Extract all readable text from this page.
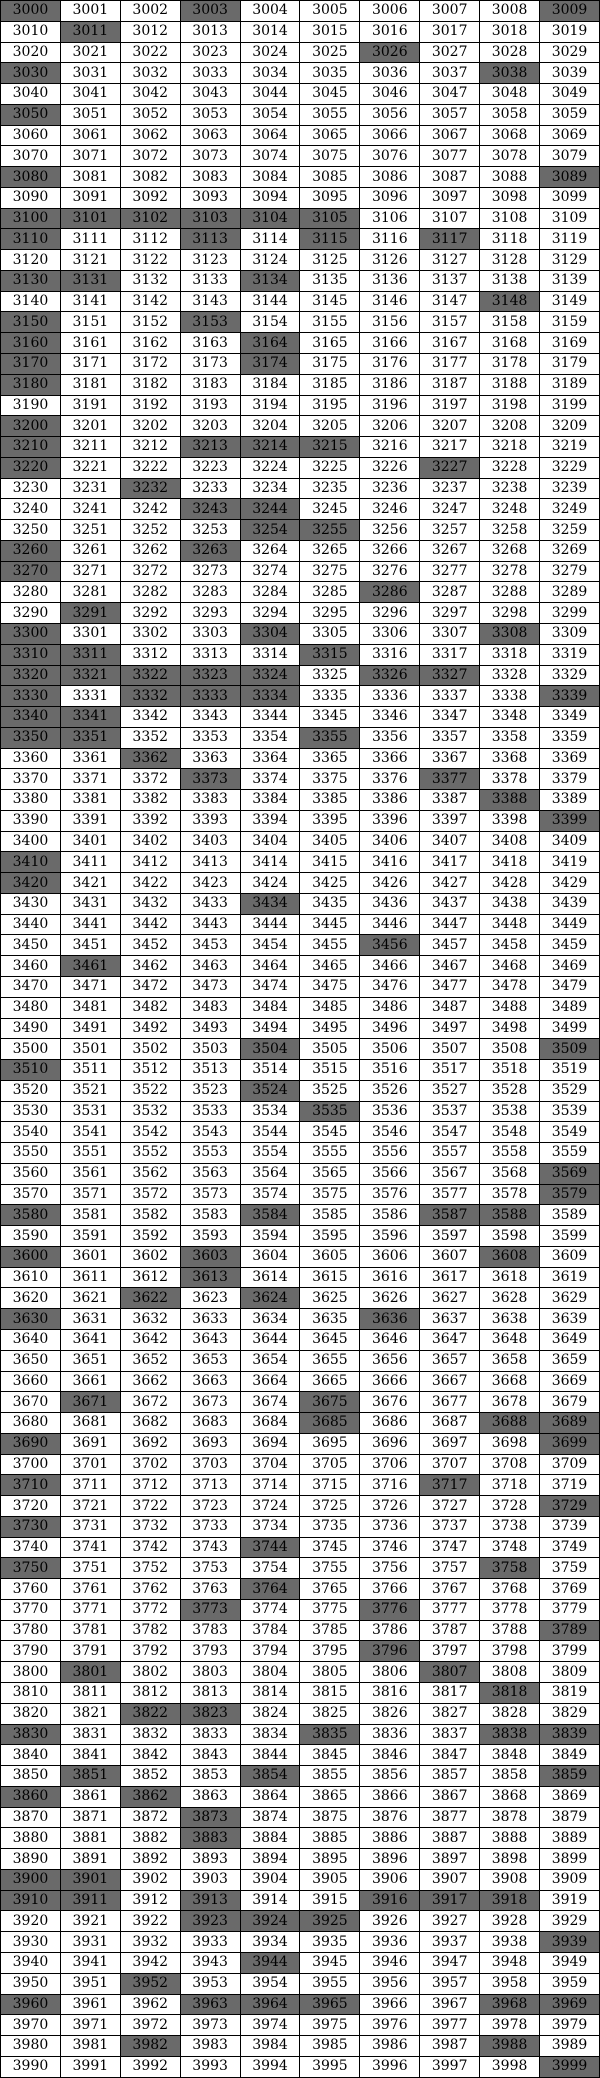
3000	3001	3002	3003	3004	3005	3006	3007	3008	3009
3010	3011	3012	3013	3014	3015	3016	3017	3018	3019
3020	3021	3022	3023	3024	3025	3026	3027	3028	3029
3030	3031	3032	3033	3034	3035	3036	3037	3038	3039
3040	3041	3042	3043	3044	3045	3046	3047	3048	3049
3050	3051	3052	3053	3054	3055	3056	3057	3058	3059
3060	3061	3062	3063	3064	3065	3066	3067	3068	3069
3070	3071	3072	3073	3074	3075	3076	3077	3078	3079
3080	3081	3082	3083	3084	3085	3086	3087	3088	3089
3090	3091	3092	3093	3094	3095	3096	3097	3098	3099
3100	3101	3102	3103	3104	3105	3106	3107	3108	3109
3110	3111	3112	3113	3114	3115	3116	3117	3118	3119
3120	3121	3122	3123	3124	3125	3126	3127	3128	3129
3130	3131	3132	3133	3134	3135	3136	3137	3138	3139
3140	3141	3142	3143	3144	3145	3146	3147	3148	3149
3150	3151	3152	3153	3154	3155	3156	3157	3158	3159
3160	3161	3162	3163	3164	3165	3166	3167	3168	3169
3170	3171	3172	3173	3174	3175	3176	3177	3178	3179
3180	3181	3182	3183	3184	3185	3186	3187	3188	3189
3190	3191	3192	3193	3194	3195	3196	3197	3198	3199
3200	3201	3202	3203	3204	3205	3206	3207	3208	3209
3210	3211	3212	3213	3214	3215	3216	3217	3218	3219
3220	3221	3222	3223	3224	3225	3226	3227	3228	3229
3230	3231	3232	3233	3234	3235	3236	3237	3238	3239
3240	3241	3242	3243	3244	3245	3246	3247	3248	3249
3250	3251	3252	3253	3254	3255	3256	3257	3258	3259
3260	3261	3262	3263	3264	3265	3266	3267	3268	3269
3270	3271	3272	3273	3274	3275	3276	3277	3278	3279
3280	3281	3282	3283	3284	3285	3286	3287	3288	3289
3290	3291	3292	3293	3294	3295	3296	3297	3298	3299
3300	3301	3302	3303	3304	3305	3306	3307	3308	3309
3310	3311	3312	3313	3314	3315	3316	3317	3318	3319
3320	3321	3322	3323	3324	3325	3326	3327	3328	3329
3330	3331	3332	3333	3334	3335	3336	3337	3338	3339
3340	3341	3342	3343	3344	3345	3346	3347	3348	3349
3350	3351	3352	3353	3354	3355	3356	3357	3358	3359
3360	3361	3362	3363	3364	3365	3366	3367	3368	3369
3370	3371	3372	3373	3374	3375	3376	3377	3378	3379
3380	3381	3382	3383	3384	3385	3386	3387	3388	3389
3390	3391	3392	3393	3394	3395	3396	3397	3398	3399
3400	3401	3402	3403	3404	3405	3406	3407	3408	3409
3410	3411	3412	3413	3414	3415	3416	3417	3418	3419
3420	3421	3422	3423	3424	3425	3426	3427	3428	3429
3430	3431	3432	3433	3434	3435	3436	3437	3438	3439
3440	3441	3442	3443	3444	3445	3446	3447	3448	3449
3450	3451	3452	3453	3454	3455	3456	3457	3458	3459
3460	3461	3462	3463	3464	3465	3466	3467	3468	3469
3470	3471	3472	3473	3474	3475	3476	3477	3478	3479
3480	3481	3482	3483	3484	3485	3486	3487	3488	3489
3490	3491	3492	3493	3494	3495	3496	3497	3498	3499
3500	3501	3502	3503	3504	3505	3506	3507	3508	3509
3510	3511	3512	3513	3514	3515	3516	3517	3518	3519
3520	3521	3522	3523	3524	3525	3526	3527	3528	3529
3530	3531	3532	3533	3534	3535	3536	3537	3538	3539
3540	3541	3542	3543	3544	3545	3546	3547	3548	3549
3550	3551	3552	3553	3554	3555	3556	3557	3558	3559
3560	3561	3562	3563	3564	3565	3566	3567	3568	3569
3570	3571	3572	3573	3574	3575	3576	3577	3578	3579
3580	3581	3582	3583	3584	3585	3586	3587	3588	3589
3590	3591	3592	3593	3594	3595	3596	3597	3598	3599
3600	3601	3602	3603	3604	3605	3606	3607	3608	3609
3610	3611	3612	3613	3614	3615	3616	3617	3618	3619
3620	3621	3622	3623	3624	3625	3626	3627	3628	3629
3630	3631	3632	3633	3634	3635	3636	3637	3638	3639
3640	3641	3642	3643	3644	3645	3646	3647	3648	3649
3650	3651	3652	3653	3654	3655	3656	3657	3658	3659
3660	3661	3662	3663	3664	3665	3666	3667	3668	3669
3670	3671	3672	3673	3674	3675	3676	3677	3678	3679
3680	3681	3682	3683	3684	3685	3686	3687	3688	3689
3690	3691	3692	3693	3694	3695	3696	3697	3698	3699
3700	3701	3702	3703	3704	3705	3706	3707	3708	3709
3710	3711	3712	3713	3714	3715	3716	3717	3718	3719
3720	3721	3722	3723	3724	3725	3726	3727	3728	3729
3730	3731	3732	3733	3734	3735	3736	3737	3738	3739
3740	3741	3742	3743	3744	3745	3746	3747	3748	3749
3750	3751	3752	3753	3754	3755	3756	3757	3758	3759
3760	3761	3762	3763	3764	3765	3766	3767	3768	3769
3770	3771	3772	3773	3774	3775	3776	3777	3778	3779
3780	3781	3782	3783	3784	3785	3786	3787	3788	3789
3790	3791	3792	3793	3794	3795	3796	3797	3798	3799
3800	3801	3802	3803	3804	3805	3806	3807	3808	3809
3810	3811	3812	3813	3814	3815	3816	3817	3818	3819
3820	3821	3822	3823	3824	3825	3826	3827	3828	3829
3830	3831	3832	3833	3834	3835	3836	3837	3838	3839
3840	3841	3842	3843	3844	3845	3846	3847	3848	3849
3850	3851	3852	3853	3854	3855	3856	3857	3858	3859
3860	3861	3862	3863	3864	3865	3866	3867	3868	3869
3870	3871	3872	3873	3874	3875	3876	3877	3878	3879
3880	3881	3882	3883	3884	3885	3886	3887	3888	3889
3890	3891	3892	3893	3894	3895	3896	3897	3898	3899
3900	3901	3902	3903	3904	3905	3906	3907	3908	3909
3910	3911	3912	3913	3914	3915	3916	3917	3918	3919
3920	3921	3922	3923	3924	3925	3926	3927	3928	3929
3930	3931	3932	3933	3934	3935	3936	3937	3938	3939
3940	3941	3942	3943	3944	3945	3946	3947	3948	3949
3950	3951	3952	3953	3954	3955	3956	3957	3958	3959
3960	3961	3962	3963	3964	3965	3966	3967	3968	3969
3970	3971	3972	3973	3974	3975	3976	3977	3978	3979
3980	3981	3982	3983	3984	3985	3986	3987	3988	3989
3990	3991	3992	3993	3994	3995	3996	3997	3998	3999
